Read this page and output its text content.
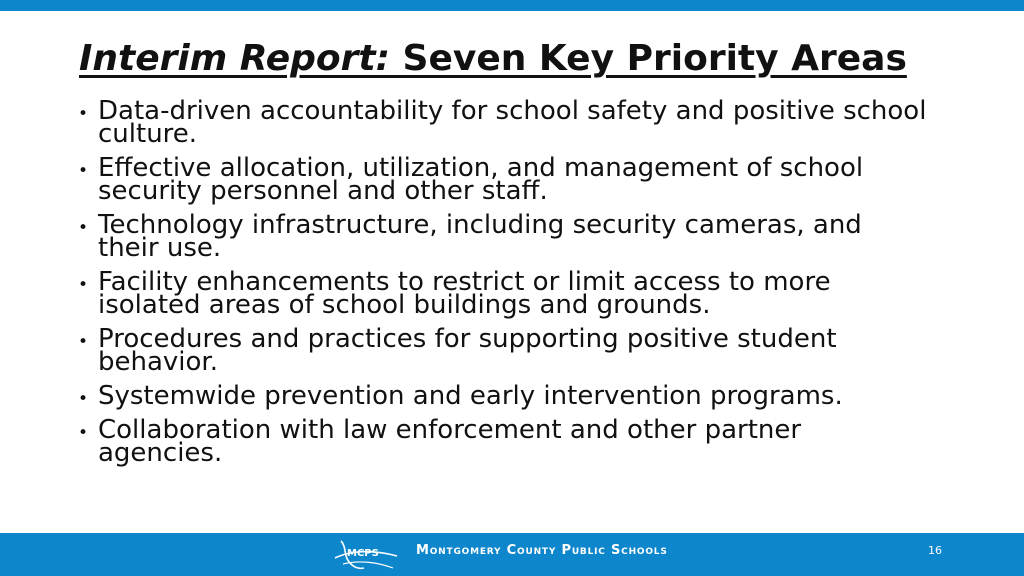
Interim Report: Seven Key Priority Areas
• Data-driven accountability for school safety and positive school culture.
• Effective allocation, utilization, and management of school security personnel and other staff.
• Technology infrastructure, including security cameras, and their use.
• Facility enhancements to restrict or limit access to more isolated areas of school buildings and grounds.
• Procedures and practices for supporting positive student behavior.
• Systemwide prevention and early intervention programs.
• Collaboration with law enforcement and other partner agencies.
MCPS	Montgomery County Public Schools	16
